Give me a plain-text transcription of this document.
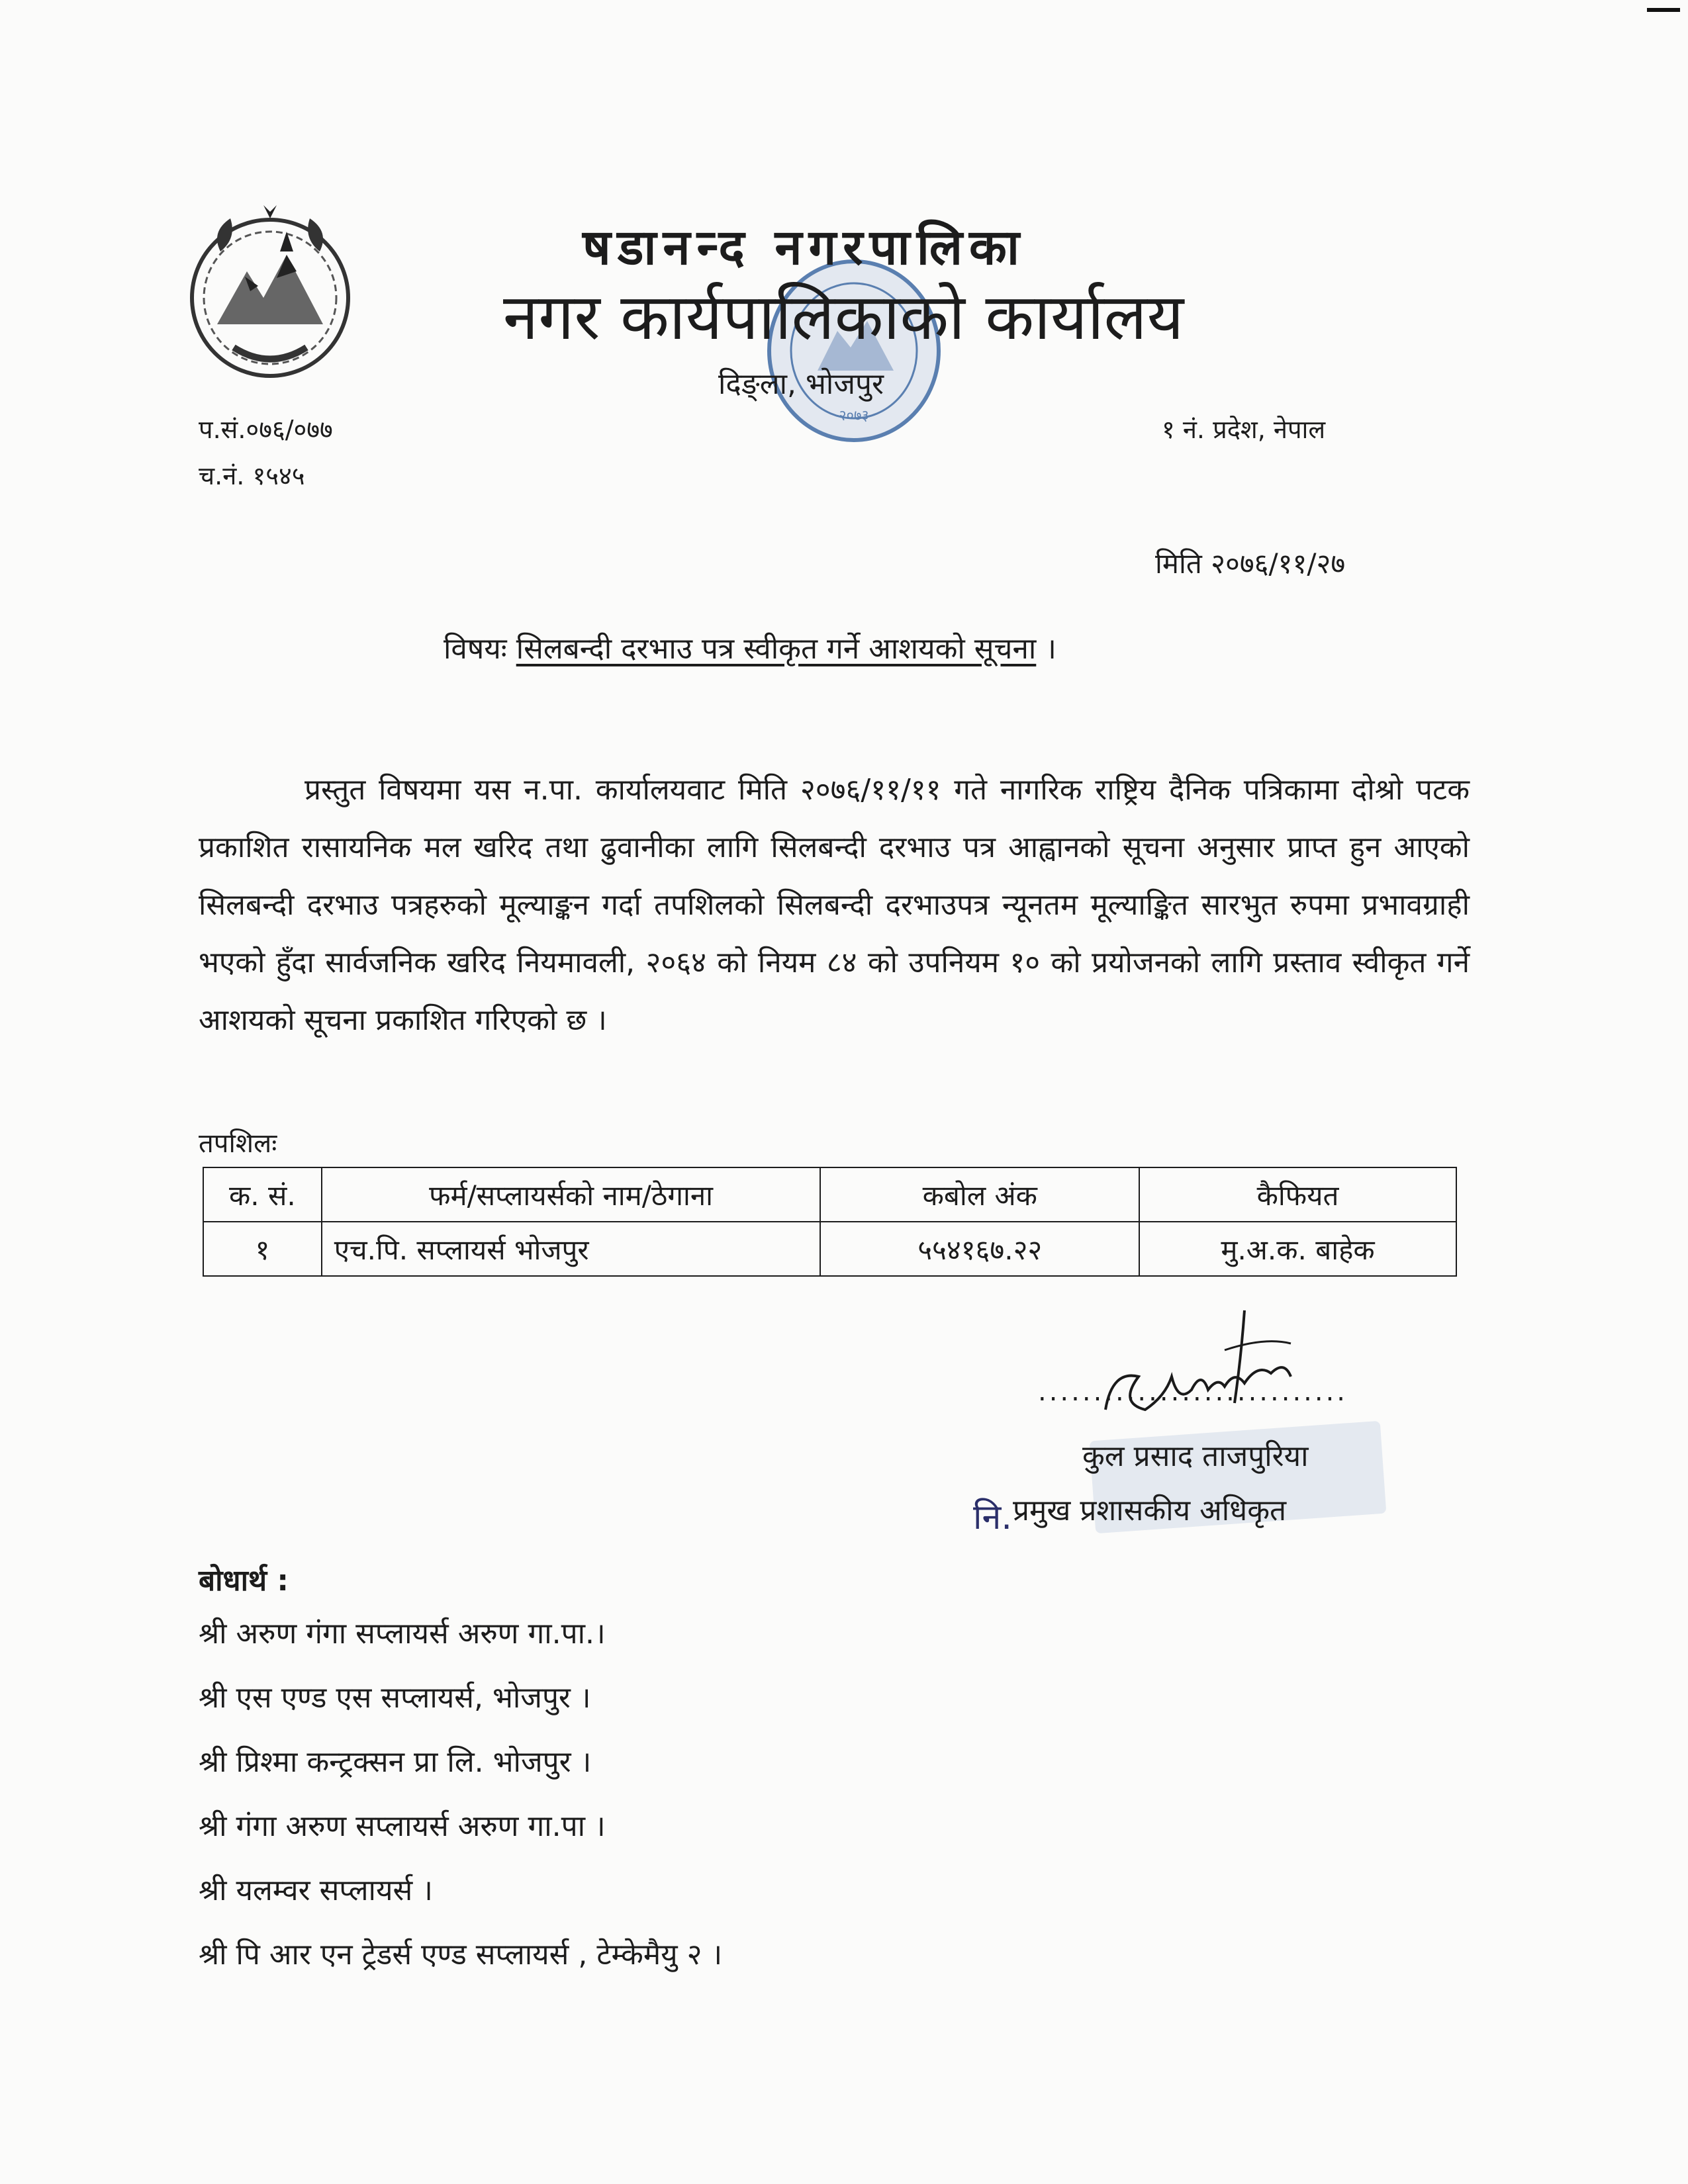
२०७३
षडानन्द नगरपालिका
नगर कार्यपालिकाको कार्यालय
दिङ्ला, भोजपुर
प.सं.०७६/०७७
च.नं. १५४५
१ नं. प्रदेश, नेपाल
मिति २०७६/११/२७
विषयः सिलबन्दी दरभाउ पत्र स्वीकृत गर्ने आशयको सूचना ।
प्रस्तुत विषयमा यस न.पा. कार्यालयवाट मिति २०७६/११/११ गते नागरिक राष्ट्रिय दैनिक पत्रिकामा दोश्रो पटक प्रकाशित रासायनिक मल खरिद तथा ढुवानीका लागि सिलबन्दी दरभाउ पत्र आह्वानको सूचना अनुसार प्राप्त हुन आएको सिलबन्दी दरभाउ पत्रहरुको मूल्याङ्कन गर्दा तपशिलको सिलबन्दी दरभाउपत्र न्यूनतम मूल्याङ्कित सारभुत रुपमा प्रभावग्राही भएको हुँदा सार्वजनिक खरिद नियमावली, २०६४ को नियम ८४ को उपनियम १० को प्रयोजनको लागि प्रस्ताव स्वीकृत गर्ने आशयको सूचना प्रकाशित गरिएको छ ।
तपशिलः
क. सं.	फर्म/सप्लायर्सको नाम/ठेगाना	कबोल अंक	कैफियत
१	एच.पि. सप्लायर्स भोजपुर	५५४१६७.२२	मु.अ.क. बाहेक
............................
कुल प्रसाद ताजपुरिया
नि. प्रमुख प्रशासकीय अधिकृत
बोधार्थ :
श्री अरुण गंगा सप्लायर्स अरुण गा.पा.।
श्री एस एण्ड एस सप्लायर्स, भोजपुर ।
श्री प्रिश्मा कन्ट्रक्सन प्रा लि. भोजपुर ।
श्री गंगा अरुण सप्लायर्स अरुण गा.पा ।
श्री यलम्वर सप्लायर्स ।
श्री पि आर एन ट्रेडर्स एण्ड सप्लायर्स , टेम्केमैयु २ ।
